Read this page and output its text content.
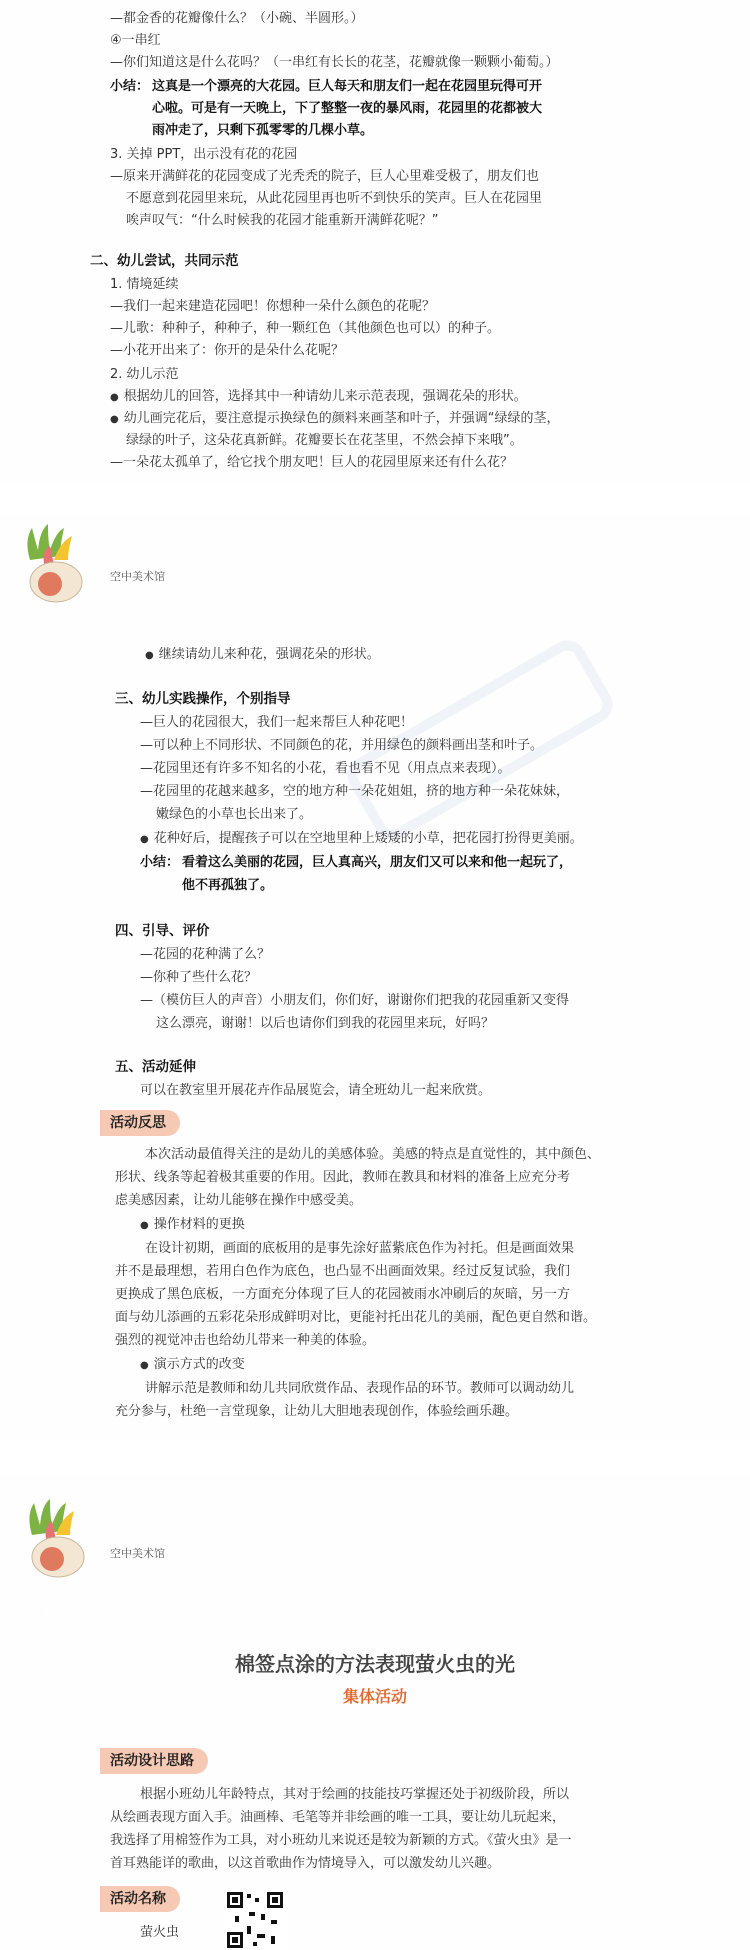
—都金香的花瓣像什么？（小碗、半圆形。）
④一串红
—你们知道这是什么花吗？（一串红有长长的花茎，花瓣就像一颗颗小葡萄。）
小结： 这真是一个漂亮的大花园。巨人每天和朋友们一起在花园里玩得可开
心啦。可是有一天晚上，下了整整一夜的暴风雨，花园里的花都被大
雨冲走了，只剩下孤零零的几棵小草。
3. 关掉 PPT，出示没有花的花园
—原来开满鲜花的花园变成了光秃秃的院子，巨人心里难受极了，朋友们也
不愿意到花园里来玩，从此花园里再也听不到快乐的笑声。巨人在花园里
唉声叹气：“什么时候我的花园才能重新开满鲜花呢？”
二、幼儿尝试，共同示范
1. 情境延续
—我们一起来建造花园吧！你想种一朵什么颜色的花呢？
—儿歌：种种子，种种子，种一颗红色（其他颜色也可以）的种子。
—小花开出来了：你开的是朵什么花呢？
2. 幼儿示范
● 根据幼儿的回答，选择其中一种请幼儿来示范表现，强调花朵的形状。
● 幼儿画完花后，要注意提示换绿色的颜料来画茎和叶子，并强调“绿绿的茎，
绿绿的叶子，这朵花真新鲜。花瓣要长在花茎里，不然会掉下来哦”。
—一朵花太孤单了，给它找个朋友吧！巨人的花园里原来还有什么花？
空中美术馆
80
● 继续请幼儿来种花，强调花朵的形状。
三、幼儿实践操作，个别指导
—巨人的花园很大，我们一起来帮巨人种花吧！
—可以种上不同形状、不同颜色的花，并用绿色的颜料画出茎和叶子。
—花园里还有许多不知名的小花，看也看不见（用点点来表现）。
—花园里的花越来越多，空的地方种一朵花姐姐，挤的地方种一朵花妹妹，
嫩绿色的小草也长出来了。
● 花种好后，提醒孩子可以在空地里种上矮矮的小草，把花园打扮得更美丽。
小结： 看着这么美丽的花园，巨人真高兴，朋友们又可以来和他一起玩了，
他不再孤独了。
四、引导、评价
—花园的花种满了么？
—你种了些什么花？
—（模仿巨人的声音）小朋友们，你们好，谢谢你们把我的花园重新又变得
这么漂亮，谢谢！以后也请你们到我的花园里来玩，好吗？
五、活动延伸
可以在教室里开展花卉作品展览会，请全班幼儿一起来欣赏。
活动反思
本次活动最值得关注的是幼儿的美感体验。美感的特点是直觉性的，其中颜色、
形状、线条等起着极其重要的作用。因此，教师在教具和材料的准备上应充分考
虑美感因素，让幼儿能够在操作中感受美。
● 操作材料的更换
在设计初期，画面的底板用的是事先涂好蓝紫底色作为衬托。但是画面效果
并不是最理想，若用白色作为底色，也凸显不出画面效果。经过反复试验，我们
更换成了黑色底板，一方面充分体现了巨人的花园被雨水冲刷后的灰暗，另一方
面与幼儿添画的五彩花朵形成鲜明对比，更能衬托出花儿的美丽，配色更自然和谐。
强烈的视觉冲击也给幼儿带来一种美的体验。
● 演示方式的改变
讲解示范是教师和幼儿共同欣赏作品、表现作品的环节。教师可以调动幼儿
充分参与，杜绝一言堂现象，让幼儿大胆地表现创作，体验绘画乐趣。
空中美术馆
66
棉签点涂的方法表现萤火虫的光
集体活动
活动设计思路
根据小班幼儿年龄特点，其对于绘画的技能技巧掌握还处于初级阶段，所以
从绘画表现方面入手。油画棒、毛笔等并非绘画的唯一工具，要让幼儿玩起来，
我选择了用棉签作为工具，对小班幼儿来说还是较为新颖的方式。《萤火虫》是一
首耳熟能详的歌曲，以这首歌曲作为情境导入，可以激发幼儿兴趣。
活动名称
萤火虫
